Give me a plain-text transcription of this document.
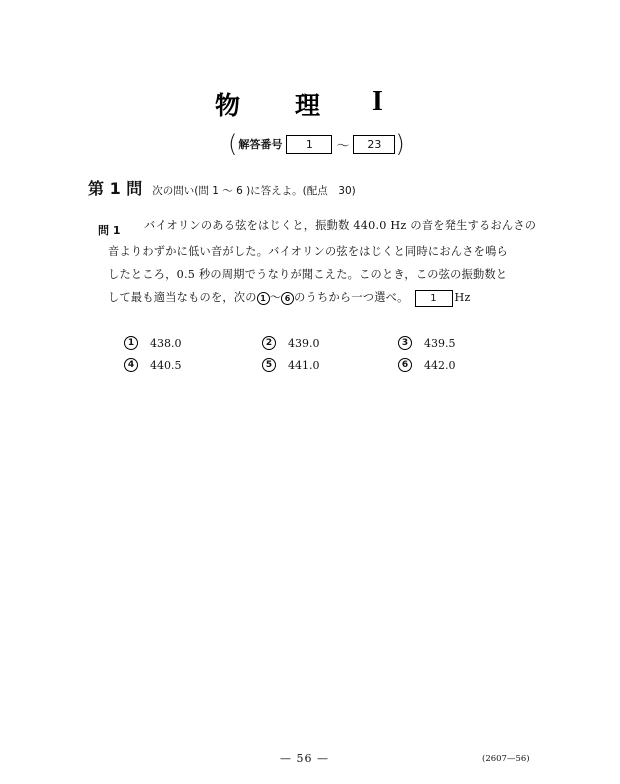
物 理 I
( 解答番号	1	〜	23 )
第 1 問 次の問い(問 1 〜 6 )に答えよ。(配点　30)
問 1 バイオリンのある弦をはじくと，振動数 440.0 Hz の音を発生するおんさの
音よりわずかに低い音がした。バイオリンの弦をはじくと同時におんさを鳴ら
したところ，0.5 秒の周期でうなりが聞こえた。このとき，この弦の振動数と
して最も適当なものを，次の 1 〜 6 のうちから一つ選べ。 1 Hz
1	438.0	2	439.0	3	439.5
4	440.5	5	441.0	6	442.0
— 56 —	(2607—56)
